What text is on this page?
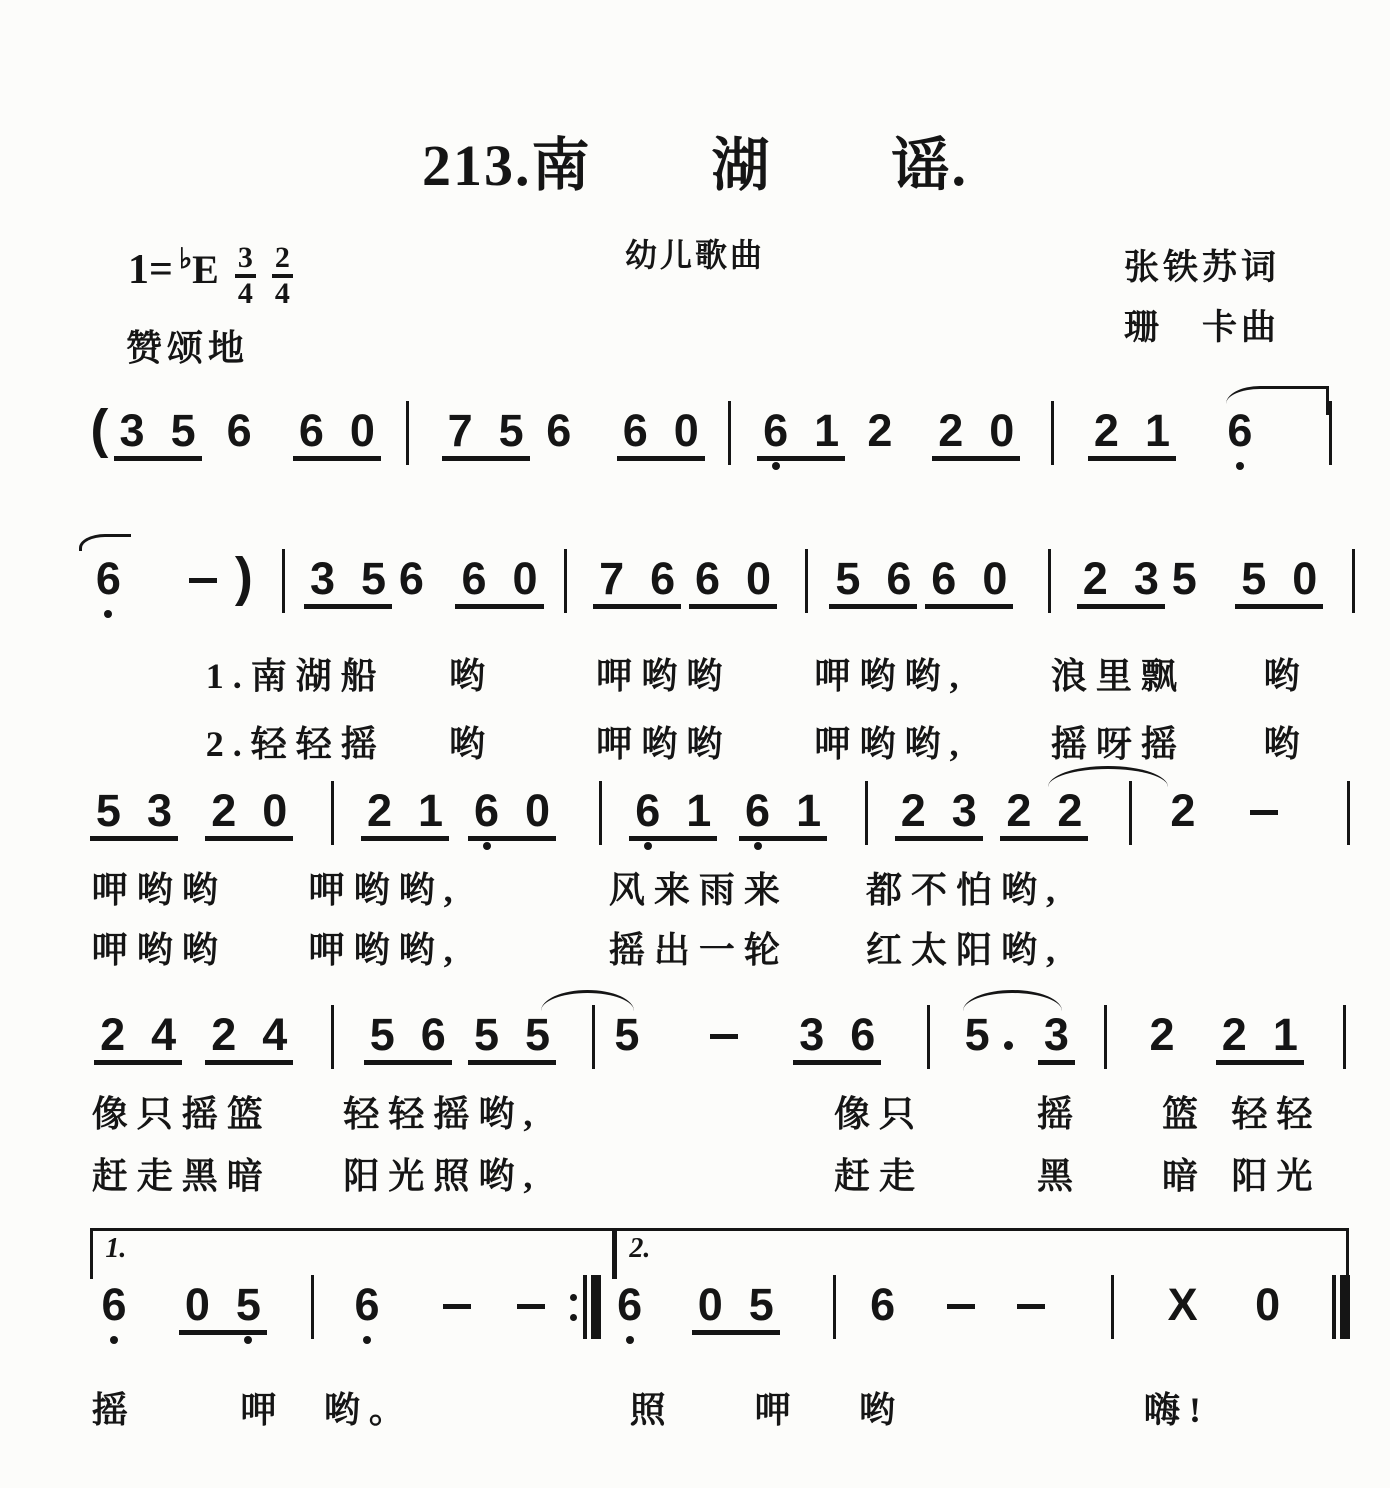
213.南　　湖　　谣.
幼儿歌曲
1=♭ E $\frac{3}{4} \frac{2}{4}$
赞颂地
张铁苏词
珊　卡曲
( 3 5 6 6 0 7 5 6 6 0 6 1 2 2 0 2 1 6
6 ) 3 5 6 6 0 7 6 6 0 5 6 6 0 2 3 5 5 0
1.南湖船 哟	呷哟哟 呷哟哟, 浪里飘 哟
2.轻轻摇 哟	呷哟哟 呷哟哟, 摇呀摇 哟
5 3 2 0 2 1 6 0 6 1 6 1 2 3 2 2 2
呷哟哟 呷哟哟,	风来雨来 都不怕哟,
呷哟哟 呷哟哟,	摇出一轮 红太阳哟,
2 4 2 4 5 6 5 5 5	3 6 5 3 2 2 1
像只摇篮 轻轻摇哟,	像只	摇 篮 轻轻
赶走黑暗 阳光照哟,	赶走	黑 暗 阳光
1.	2.
6 0 5 6	6 0 5 6	X 0
摇	呷 哟。	照 呷 哟	嗨!
